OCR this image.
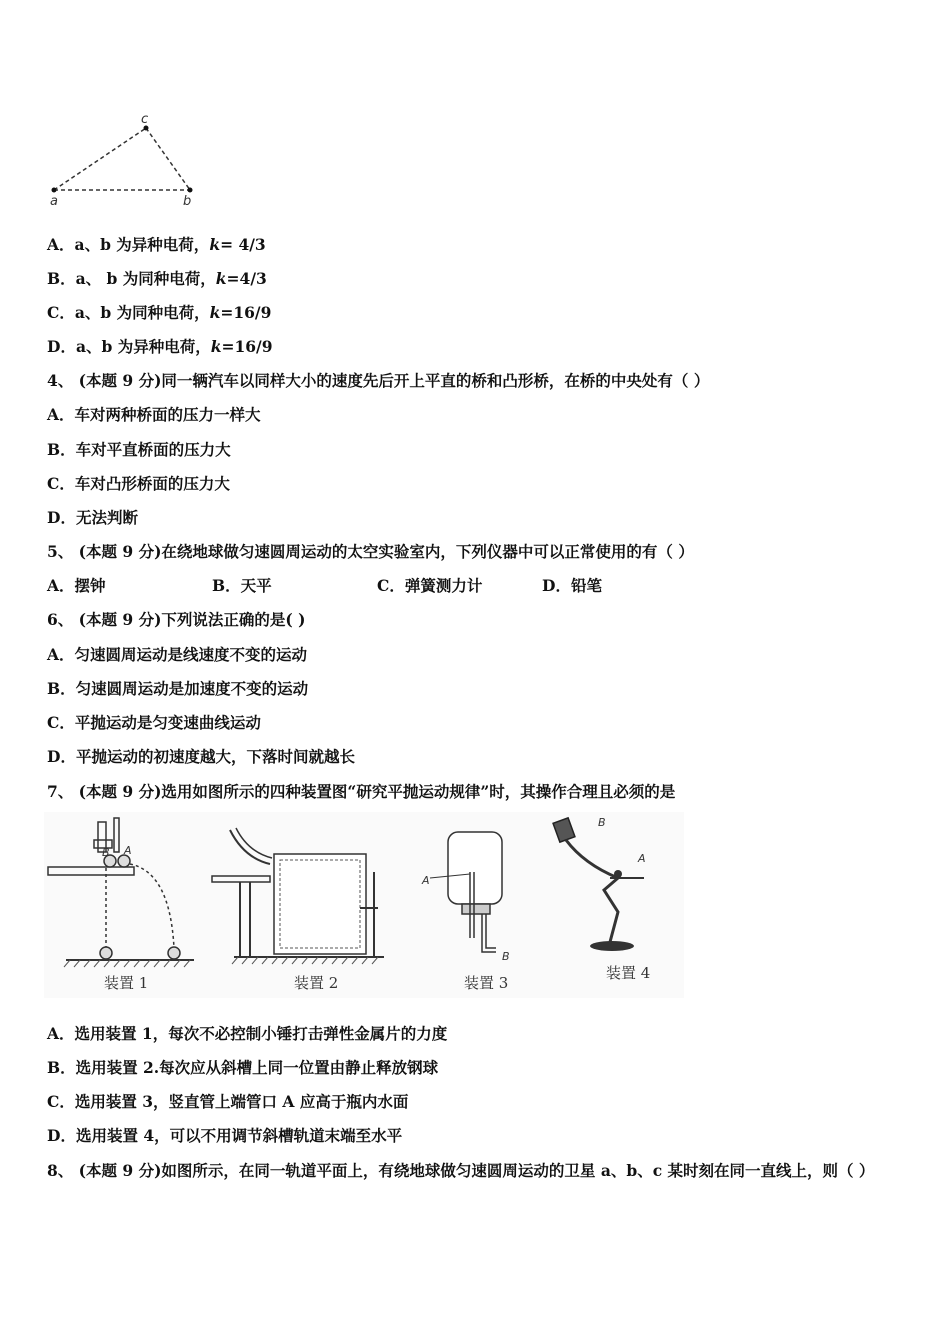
a	b
c
A．a、b 为异种电荷，k= 4/3
B．a、 b 为同种电荷，k=4/3
C．a、b 为同种电荷，k=16/9
D．a、b 为异种电荷，k=16/9
4、 (本题 9 分)同一辆汽车以同样大小的速度先后开上平直的桥和凸形桥，在桥的中央处有（ ）
A．车对两种桥面的压力一样大
B．车对平直桥面的压力大
C．车对凸形桥面的压力大
D．无法判断
5、 (本题 9 分)在绕地球做匀速圆周运动的太空实验室内，下列仪器中可以正常使用的有（ ）
A．摆钟	B．天平	C．弹簧测力计	D．铅笔
6、 (本题 9 分)下列说法正确的是( )
A．匀速圆周运动是线速度不变的运动
B．匀速圆周运动是加速度不变的运动
C．平抛运动是匀变速曲线运动
D．平抛运动的初速度越大，下落时间就越长
7、 (本题 9 分)选用如图所示的四种装置图“研究平抛运动规律”时，其操作合理且必须的是
B A
装置 1	装置 2
A
B
装置 3
B
A
装置 4
A．选用装置 1，每次不必控制小锤打击弹性金属片的力度
B．选用装置 2.每次应从斜槽上同一位置由静止释放钢球
C．选用装置 3，竖直管上端管口 A 应高于瓶内水面
D．选用装置 4，可以不用调节斜槽轨道末端至水平
8、 (本题 9 分)如图所示，在同一轨道平面上，有绕地球做匀速圆周运动的卫星 a、b、c 某时刻在同一直线上，则（ ）
